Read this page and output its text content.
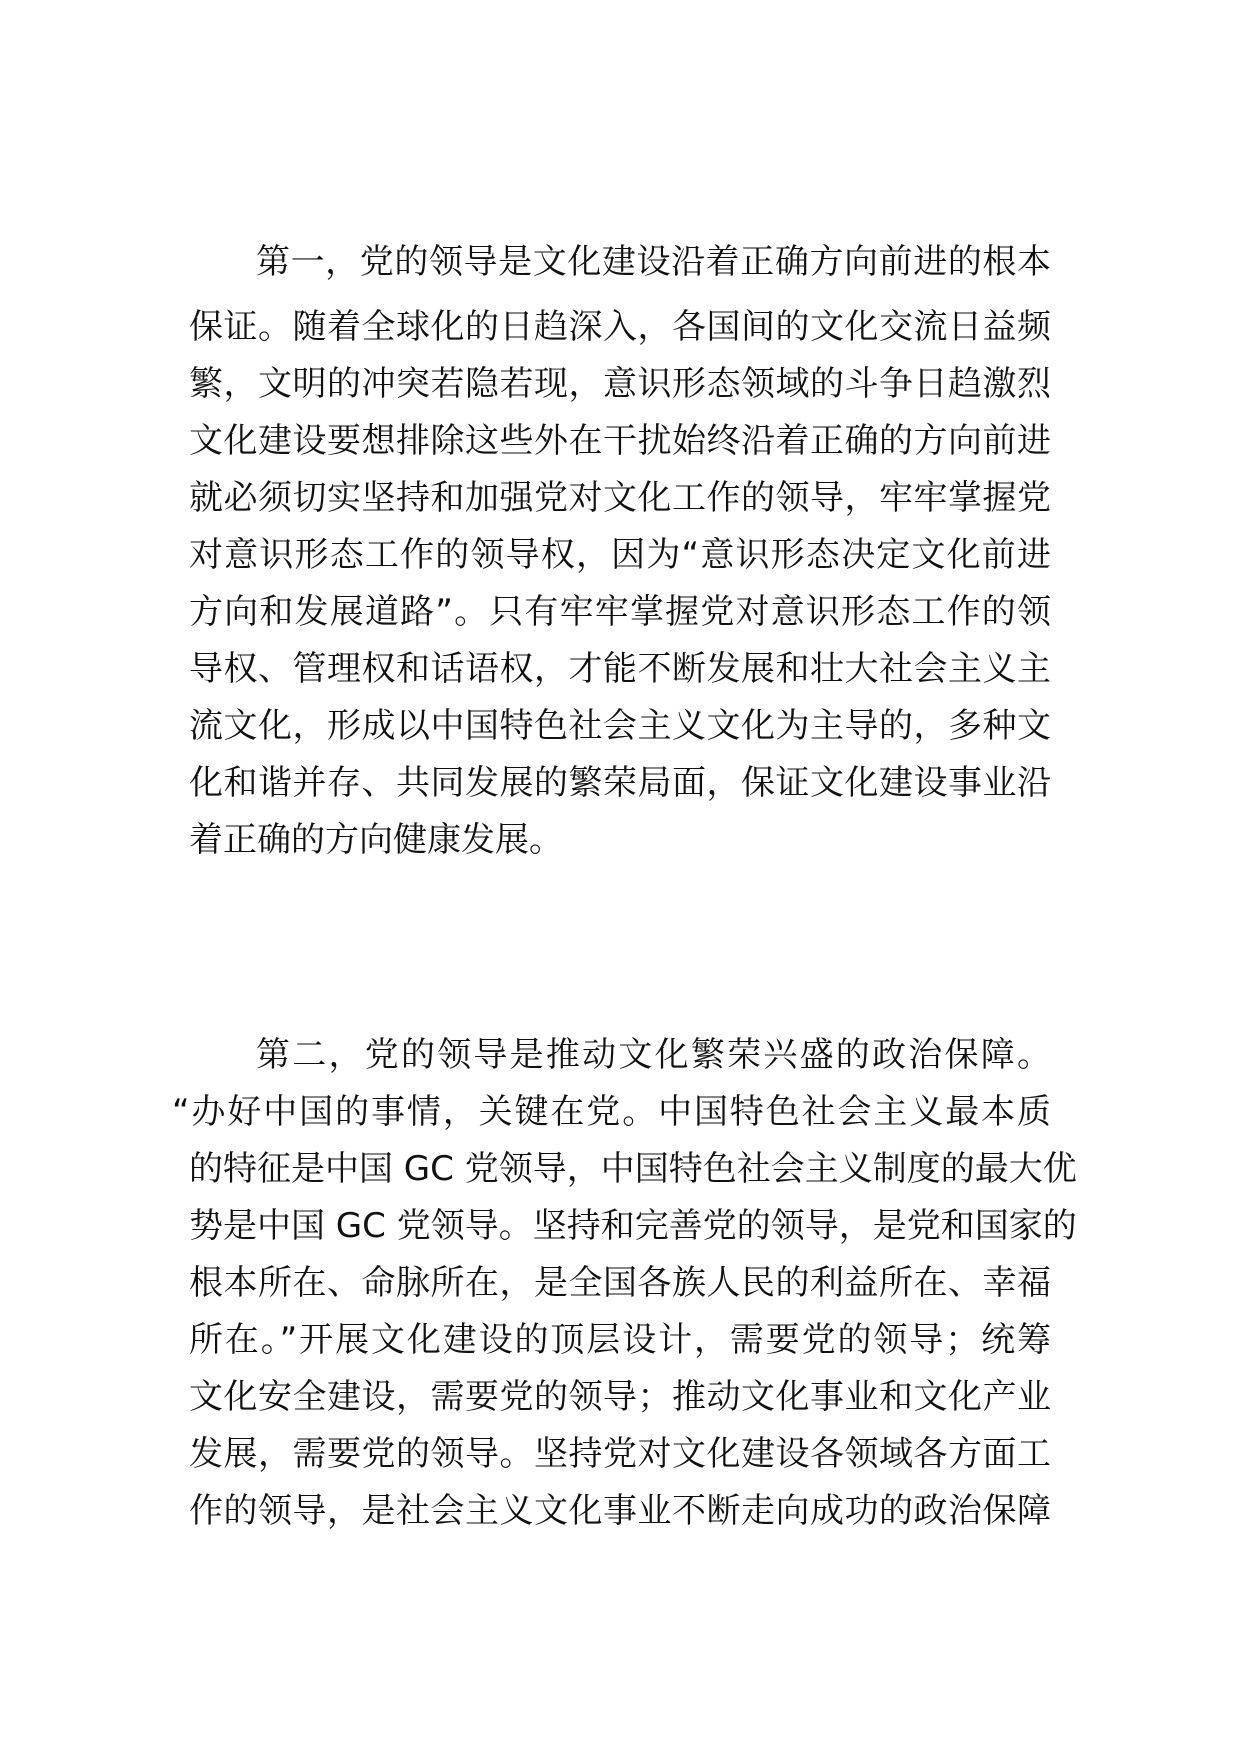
第一，党的领导是文化建设沿着正确方向前进的根本
保证。随着全球化的日趋深入，各国间的文化交流日益频
繁，文明的冲突若隐若现，意识形态领域的斗争日趋激烈
文化建设要想排除这些外在干扰始终沿着正确的方向前进
就必须切实坚持和加强党对文化工作的领导，牢牢掌握党
对意识形态工作的领导权，因为“意识形态决定文化前进
方向和发展道路”。只有牢牢掌握党对意识形态工作的领
导权、管理权和话语权，才能不断发展和壮大社会主义主
流文化，形成以中国特色社会主义文化为主导的，多种文
化和谐并存、共同发展的繁荣局面，保证文化建设事业沿
着正确的方向健康发展。
第二，党的领导是推动文化繁荣兴盛的政治保障。
“办好中国的事情，关键在党。中国特色社会主义最本质
的特征是中国 GC 党领导，中国特色社会主义制度的最大优
势是中国 GC 党领导。坚持和完善党的领导，是党和国家的
根本所在、命脉所在，是全国各族人民的利益所在、幸福
所在。”开展文化建设的顶层设计，需要党的领导；统筹
文化安全建设，需要党的领导；推动文化事业和文化产业
发展，需要党的领导。坚持党对文化建设各领域各方面工
作的领导，是社会主义文化事业不断走向成功的政治保障
